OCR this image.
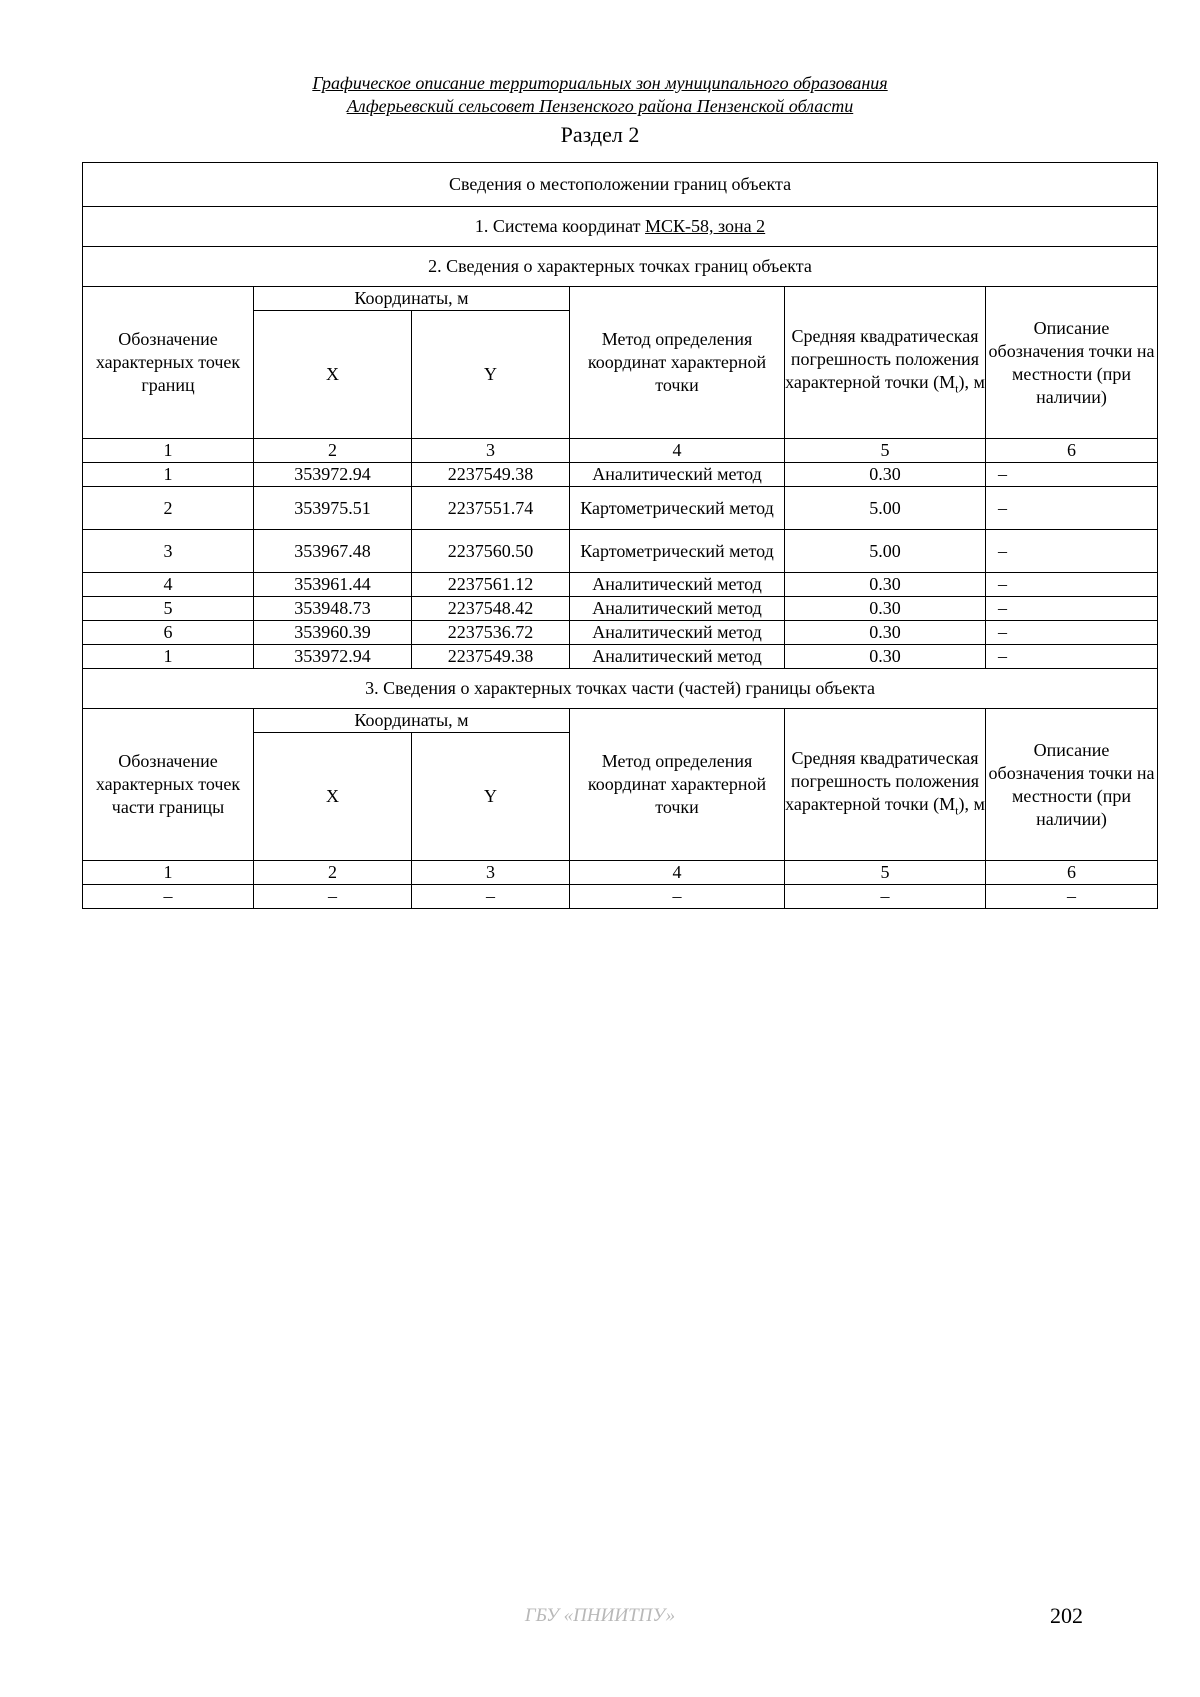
Графическое описание территориальных зон муниципального образования
Алферьевский сельсовет Пензенского района Пензенской области
Раздел 2
Сведения о местоположении границ объекта					
1. Система координат МСК-58, зона 2					
2. Сведения о характерных точках границ объекта					
Обозначение характерных точек границ	Координаты, м		Метод определения координат характерной точки	Средняя квадратическая погрешность положения характерной точки $(M_t)$, м	Описание обозначения точки на местности (при наличии)
	X	Y			
1	2	3	4	5	6
1	353972.94	2237549.38	Аналитический метод	0.30	–
2	353975.51	2237551.74	Картометрический метод	5.00	–
3	353967.48	2237560.50	Картометрический метод	5.00	–
4	353961.44	2237561.12	Аналитический метод	0.30	–
5	353948.73	2237548.42	Аналитический метод	0.30	–
6	353960.39	2237536.72	Аналитический метод	0.30	–
1	353972.94	2237549.38	Аналитический метод	0.30	–
3. Сведения о характерных точках части (частей) границы объекта					
Обозначение характерных точек части границы	Координаты, м		Метод определения координат характерной точки	Средняя квадратическая погрешность положения характерной точки $(M_t)$, м	Описание обозначения точки на местности (при наличии)
	X	Y			
1	2	3	4	5	6
–	–	–	–	–	–
ГБУ «ПНИИТПУ»	202
